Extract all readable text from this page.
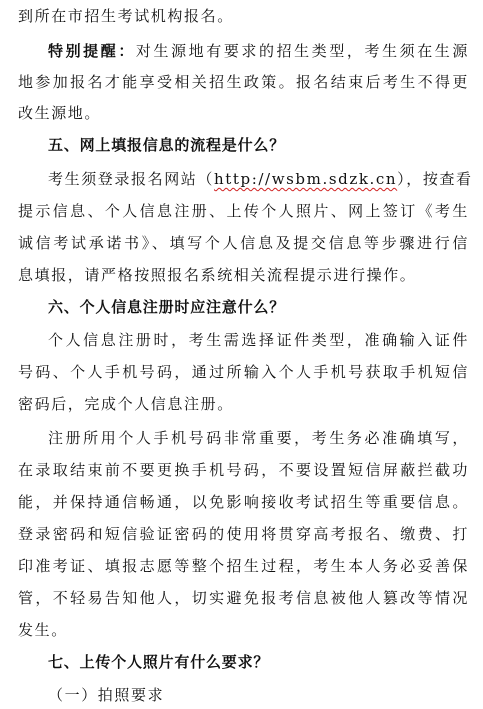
到所在市招生考试机构报名。
特别提醒：对生源地有要求的招生类型，考生须在生源
地参加报名才能享受相关招生政策。报名结束后考生不得更
改生源地。
五、网上填报信息的流程是什么？
考生须登录报名网站（http://wsbm.sdzk.cn），按查看
提示信息、个人信息注册、上传个人照片、网上签订《考生
诚信考试承诺书》、填写个人信息及提交信息等步骤进行信
息填报，请严格按照报名系统相关流程提示进行操作。
六、个人信息注册时应注意什么？
个人信息注册时，考生需选择证件类型，准确输入证件
号码、个人手机号码，通过所输入个人手机号获取手机短信
密码后，完成个人信息注册。
注册所用个人手机号码非常重要，考生务必准确填写，
在录取结束前不要更换手机号码，不要设置短信屏蔽拦截功
能，并保持通信畅通，以免影响接收考试招生等重要信息。
登录密码和短信验证密码的使用将贯穿高考报名、缴费、打
印准考证、填报志愿等整个招生过程，考生本人务必妥善保
管，不轻易告知他人，切实避免报考信息被他人篡改等情况
发生。
七、上传个人照片有什么要求？
（一）拍照要求
